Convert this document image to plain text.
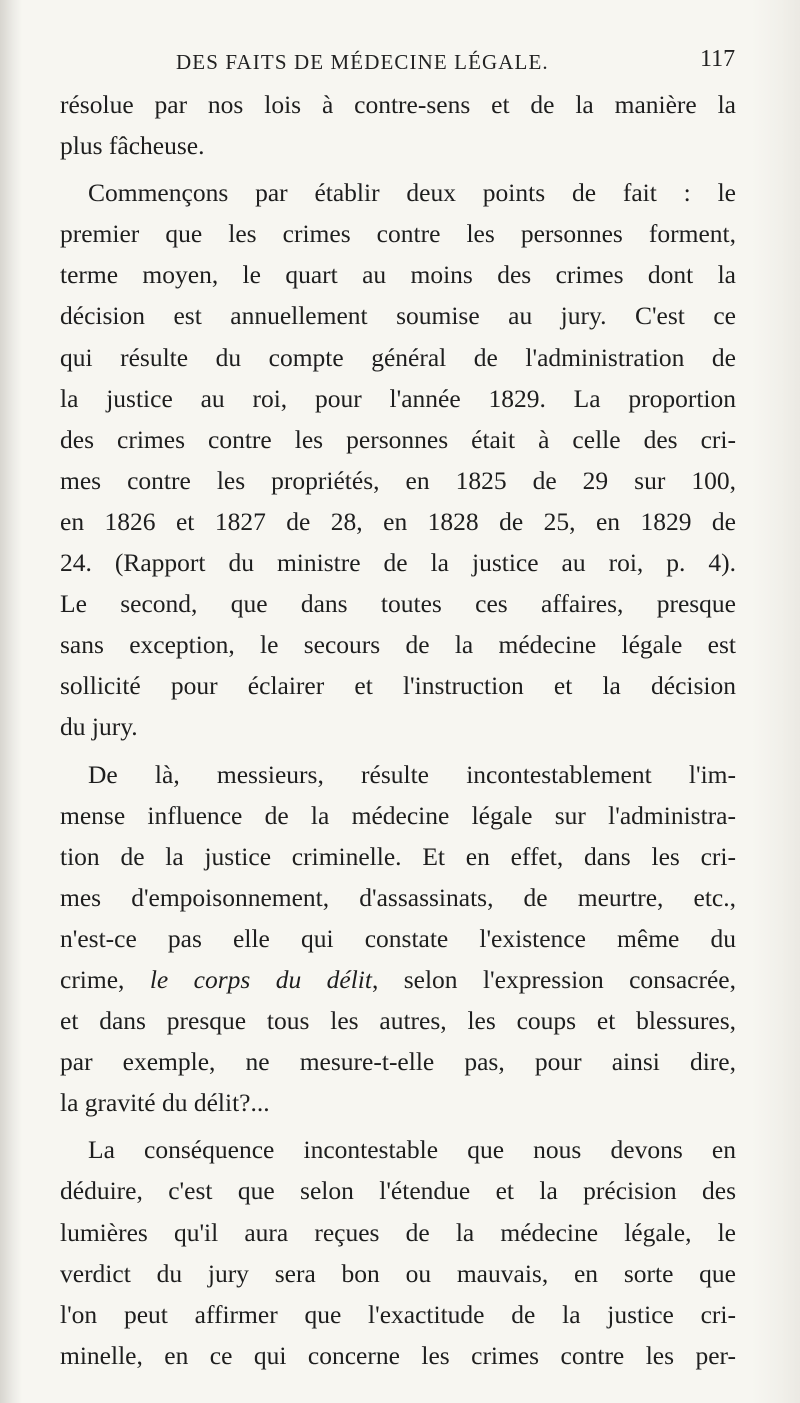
DES FAITS DE MÉDECINE LÉGALE.	117
résolue par nos lois à contre-sens et de la manière la
plus fâcheuse.
Commençons par établir deux points de fait : le
premier que les crimes contre les personnes forment,
terme moyen, le quart au moins des crimes dont la
décision est annuellement soumise au jury. C'est ce
qui résulte du compte général de l'administration de
la justice au roi, pour l'année 1829. La proportion
des crimes contre les personnes était à celle des cri-
mes contre les propriétés, en 1825 de 29 sur 100,
en 1826 et 1827 de 28, en 1828 de 25, en 1829 de
24. (Rapport du ministre de la justice au roi, p. 4).
Le second, que dans toutes ces affaires, presque
sans exception, le secours de la médecine légale est
sollicité pour éclairer et l'instruction et la décision
du jury.
De là, messieurs, résulte incontestablement l'im-
mense influence de la médecine légale sur l'administra-
tion de la justice criminelle. Et en effet, dans les cri-
mes d'empoisonnement, d'assassinats, de meurtre, etc.,
n'est-ce pas elle qui constate l'existence même du
crime, le corps du délit, selon l'expression consacrée,
et dans presque tous les autres, les coups et blessures,
par exemple, ne mesure-t-elle pas, pour ainsi dire,
la gravité du délit?...
La conséquence incontestable que nous devons en
déduire, c'est que selon l'étendue et la précision des
lumières qu'il aura reçues de la médecine légale, le
verdict du jury sera bon ou mauvais, en sorte que
l'on peut affirmer que l'exactitude de la justice cri-
minelle, en ce qui concerne les crimes contre les per-
